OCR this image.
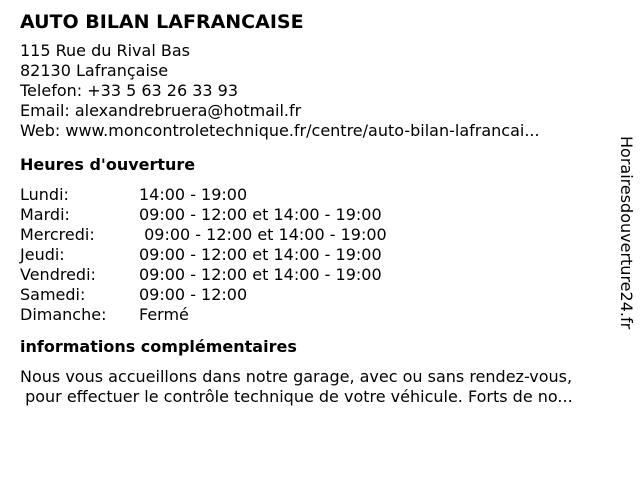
AUTO BILAN LAFRANCAISE
115 Rue du Rival Bas
82130 Lafrançaise
Telefon: +33 5 63 26 33 93
Email: alexandrebruera@hotmail.fr
Web: www.moncontroletechnique.fr/centre/auto-bilan-lafrancai...
Heures d'ouverture
Lundi:	14:00 - 19:00
Mardi:	09:00 - 12:00 et 14:00 - 19:00
Mercredi:	09:00 - 12:00 et 14:00 - 19:00
Jeudi:	09:00 - 12:00 et 14:00 - 19:00
Vendredi:	09:00 - 12:00 et 14:00 - 19:00
Samedi:	09:00 - 12:00
Dimanche:	Fermé
informations complémentaires
Nous vous accueillons dans notre garage, avec ou sans rendez-vous,
pour effectuer le contrôle technique de votre véhicule. Forts de no...
Horairesdouverture24.fr
